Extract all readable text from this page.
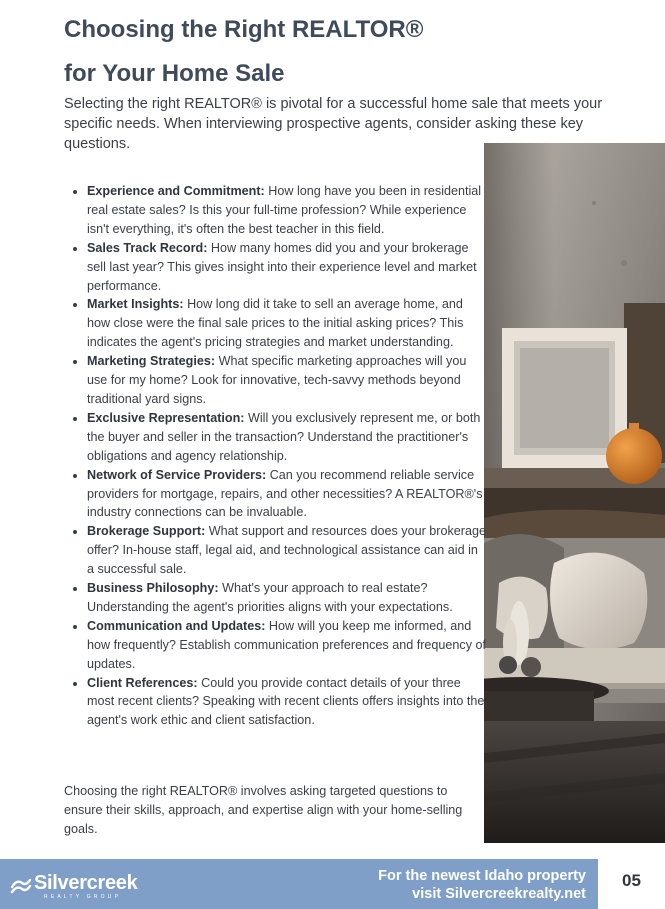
Choosing the Right REALTOR®
for Your Home Sale

Selecting the right REALTOR® is pivotal for a successful home sale that meets your specific needs. When interviewing prospective agents, consider asking these key questions.

• Experience and Commitment: How long have you been in residential real estate sales? Is this your full-time profession? While experience isn't everything, it's often the best teacher in this field.
• Sales Track Record: How many homes did you and your brokerage sell last year? This gives insight into their experience level and market performance.
• Market Insights: How long did it take to sell an average home, and how close were the final sale prices to the initial asking prices? This indicates the agent's pricing strategies and market understanding.
• Marketing Strategies: What specific marketing approaches will you use for my home? Look for innovative, tech-savvy methods beyond traditional yard signs.
• Exclusive Representation: Will you exclusively represent me, or both the buyer and seller in the transaction? Understand the practitioner's obligations and agency relationship.
• Network of Service Providers: Can you recommend reliable service providers for mortgage, repairs, and other necessities? A REALTOR®'s industry connections can be invaluable.
• Brokerage Support: What support and resources does your brokerage offer? In-house staff, legal aid, and technological assistance can aid in a successful sale.
• Business Philosophy: What's your approach to real estate? Understanding the agent's priorities aligns with your expectations.
• Communication and Updates: How will you keep me informed, and how frequently? Establish communication preferences and frequency of updates.
• Client References: Could you provide contact details of your three most recent clients? Speaking with recent clients offers insights into the agent's work ethic and client satisfaction.

Choosing the right REALTOR® involves asking targeted questions to ensure their skills, approach, and expertise align with your home-selling goals.

Silvercreek
REALTY GROUP
For the newest Idaho property
visit Silvercreekrealty.net
05
